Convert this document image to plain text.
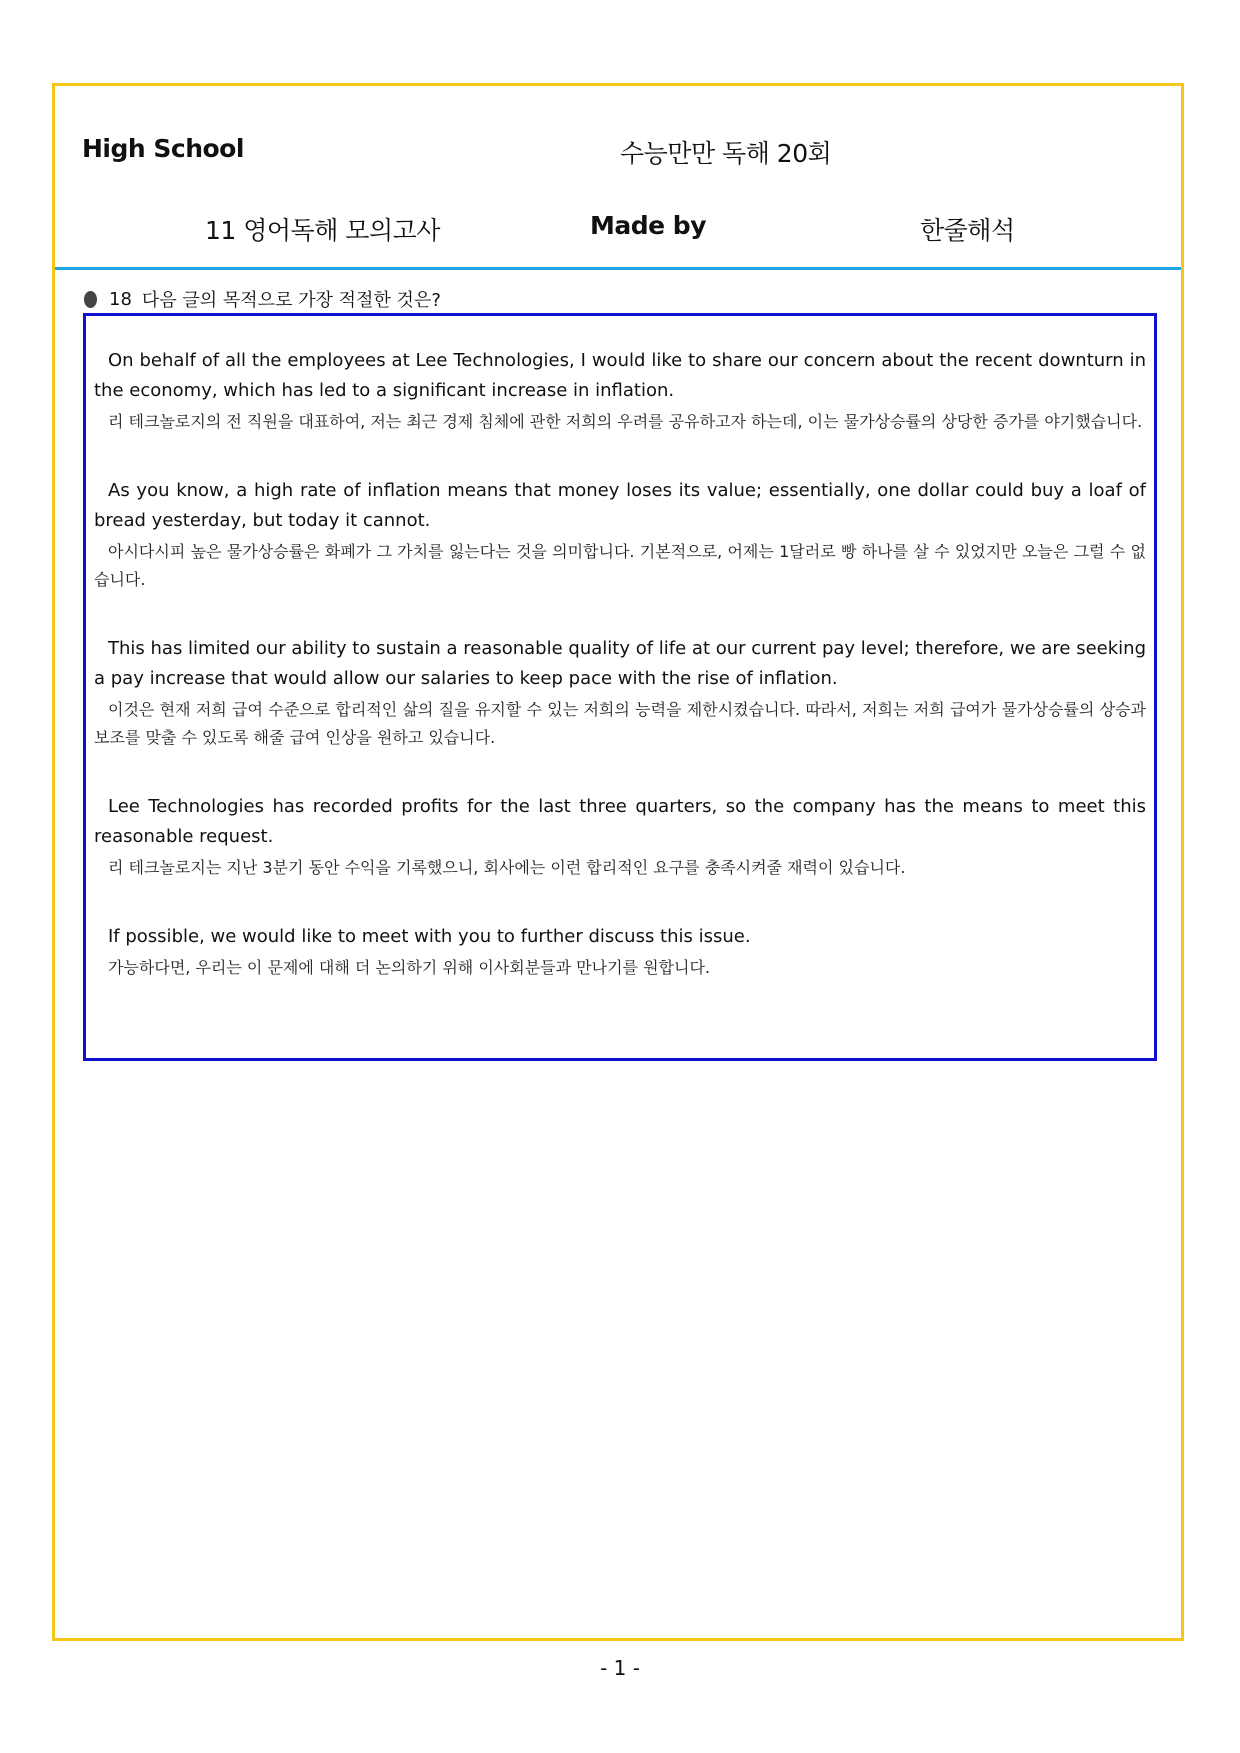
High School	수능만만 독해 20회
11 영어독해 모의고사	Made by	한줄해석
18 다음 글의 목적으로 가장 적절한 것은?

On behalf of all the employees at Lee Technologies, I would like to share our concern about the recent downturn in the economy, which has led to a significant increase in inflation.

리 테크놀로지의 전 직원을 대표하여, 저는 최근 경제 침체에 관한 저희의 우려를 공유하고자 하는데, 이는 물가상승률의 상당한 증가를 야기했습니다.

As you know, a high rate of inflation means that money loses its value; essentially, one dollar could buy a loaf of bread yesterday, but today it cannot.

아시다시피 높은 물가상승률은 화폐가 그 가치를 잃는다는 것을 의미합니다. 기본적으로, 어제는 1달러로 빵 하나를 살 수 있었지만 오늘은 그럴 수 없습니다.

This has limited our ability to sustain a reasonable quality of life at our current pay level; therefore, we are seeking a pay increase that would allow our salaries to keep pace with the rise of inflation.

이것은 현재 저희 급여 수준으로 합리적인 삶의 질을 유지할 수 있는 저희의 능력을 제한시켰습니다. 따라서, 저희는 저희 급여가 물가상승률의 상승과 보조를 맞출 수 있도록 해줄 급여 인상을 원하고 있습니다.

Lee Technologies has recorded profits for the last three quarters, so the company has the means to meet this reasonable request.

리 테크놀로지는 지난 3분기 동안 수익을 기록했으니, 회사에는 이런 합리적인 요구를 충족시켜줄 재력이 있습니다.

If possible, we would like to meet with you to further discuss this issue.

가능하다면, 우리는 이 문제에 대해 더 논의하기 위해 이사회분들과 만나기를 원합니다.

- 1 -
